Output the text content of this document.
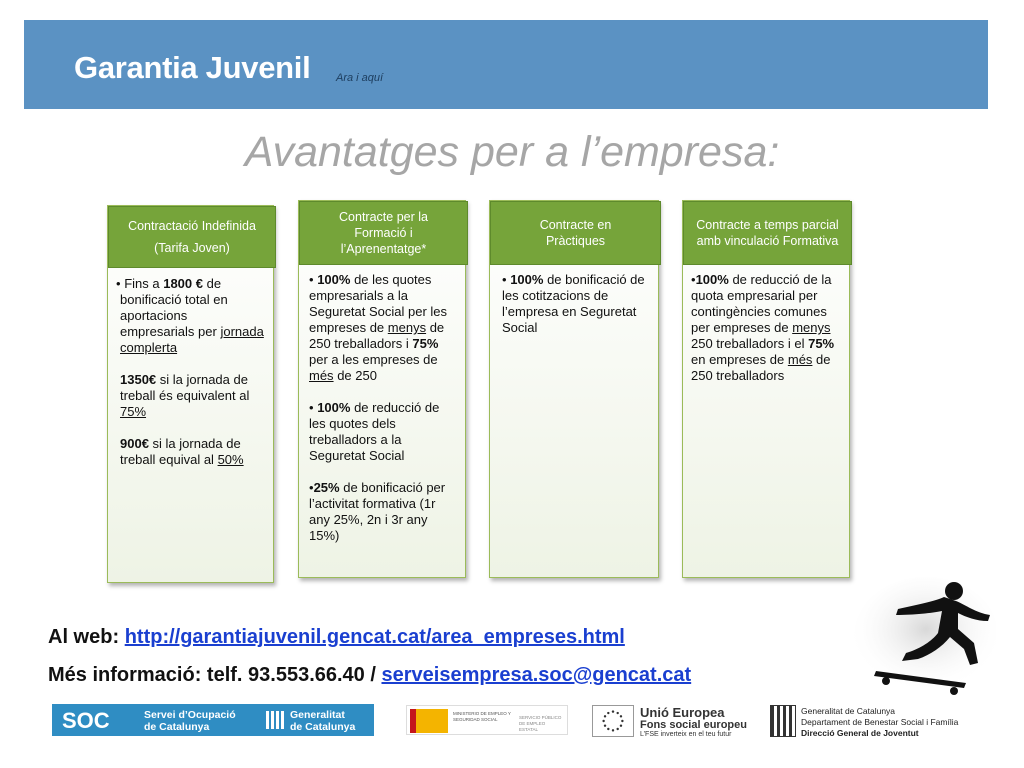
Garantia Juvenil Ara i aquí
Avantatges per a l’empresa:
Contractació Indefinida
(Tarifa Joven)
• Fins a 1800 € de bonificació total en aportacions empresarials per jornada complerta
1350€ si la jornada de treball és equivalent al 75%
900€ si la jornada de treball equival al 50%
Contracte per la Formació i l’Aprenentatge*
• 100% de les quotes empresarials a la Seguretat Social per les empreses de menys de 250 treballadors i 75% per a les empreses de més de 250
• 100% de reducció de les quotes dels treballadors a la Seguretat Social
•25% de bonificació per l’activitat formativa (1r any 25%, 2n i 3r any 15%)
Contracte en Pràctiques
• 100% de bonificació de les cotitzacions de l’empresa en Seguretat Social
Contracte a temps parcial amb vinculació Formativa
•100% de reducció de la quota empresarial per contingències comunes per empreses de menys 250 treballadors i el 75% en empreses de més de 250 treballadors
Al web: http://garantiajuvenil.gencat.cat/area_empreses.html
Més informació: telf. 93.553.66.40 / serveisempresa.soc@gencat.cat
SOC	Servei d’Ocupació
de Catalunya
Generalitat
de Catalunya
MINISTERIO DE EMPLEO Y SEGURIDAD SOCIAL	SERVICIO PÚBLICO DE EMPLEO ESTATAL
Unió Europea
Fons social europeu
L’FSE inverteix en el teu futur
Generalitat de Catalunya
Departament de Benestar Social i Família
Direcció General de Joventut
